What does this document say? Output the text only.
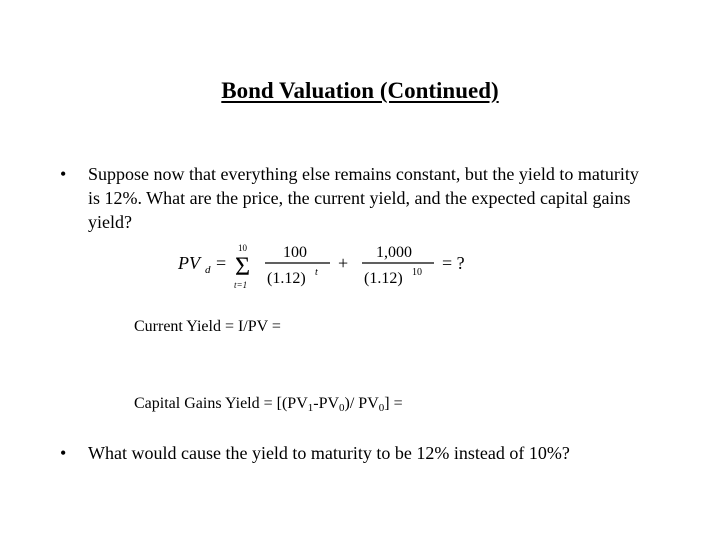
Bond Valuation (Continued)
• Suppose now that everything else remains constant, but the yield to maturity is 12%. What are the price, the current yield, and the expected capital gains yield?
PV d =
10
Σ
t=1
100
(1.12) t +
1,000
(1.12) 10 = ?
Current Yield = I/PV =
Capital Gains Yield = [$(PV_1-PV_0)/$ $PV_0$] =
• What would cause the yield to maturity to be 12% instead of 10%?
